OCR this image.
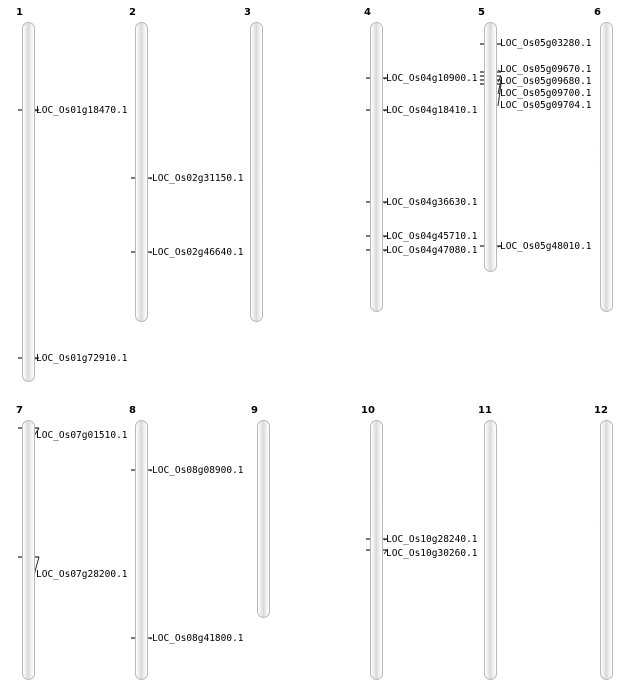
1
LOC_Os01g18470.1
LOC_Os01g72910.1
2
LOC_Os02g31150.1
LOC_Os02g46640.1
3	4
LOC_Os04g10900.1
LOC_Os04g18410.1
LOC_Os04g36630.1
LOC_Os04g45710.1
LOC_Os04g47080.1
5
LOC_Os05g03280.1
LOC_Os05g09670.1
LOC_Os05g09680.1
LOC_Os05g09700.1
LOC_Os05g09704.1
LOC_Os05g48010.1
6
7
LOC_Os07g01510.1
LOC_Os07g28200.1
8
LOC_Os08g08900.1
LOC_Os08g41800.1
9	10
LOC_Os10g28240.1
LOC_Os10g30260.1
11	12
